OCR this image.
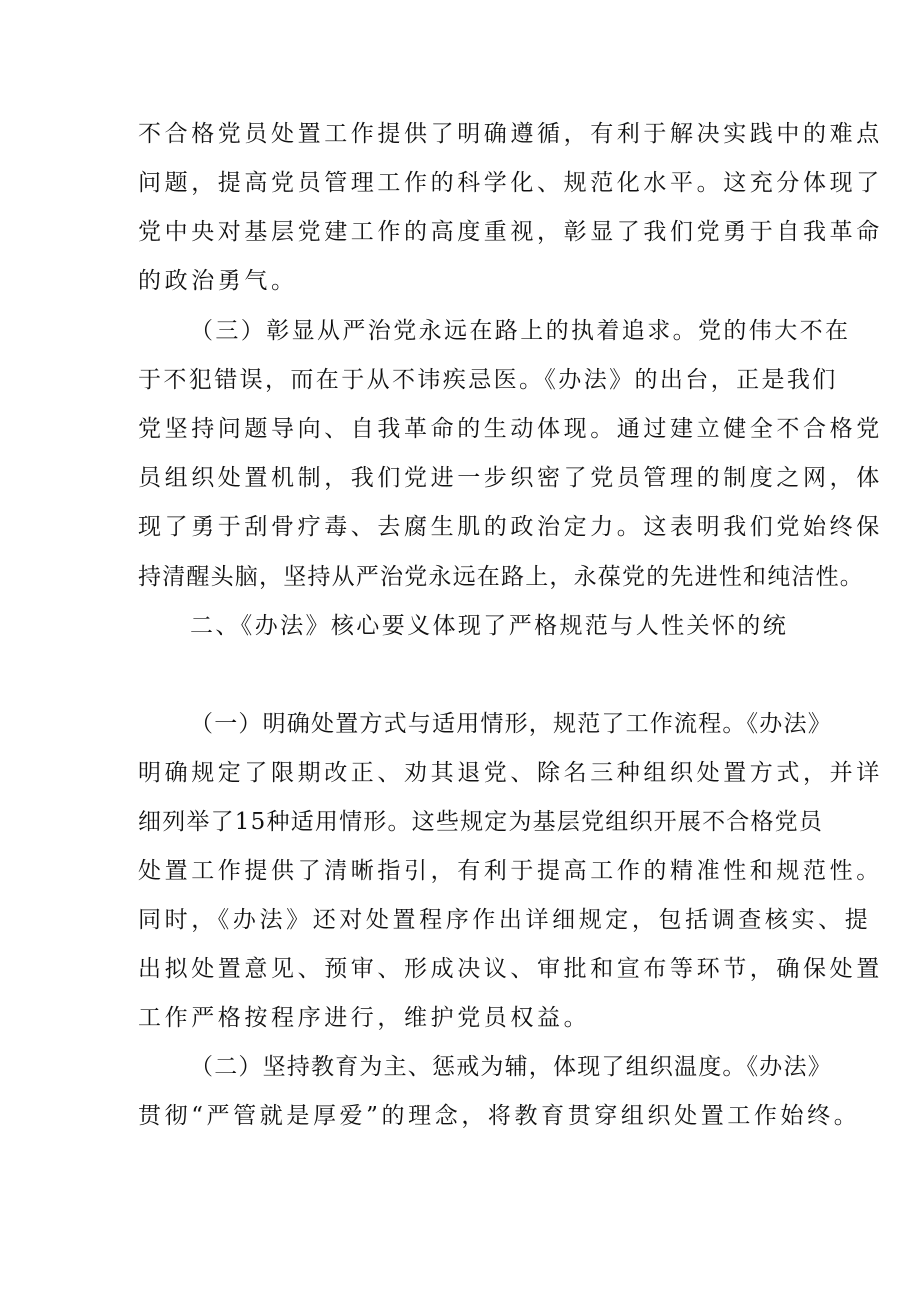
不合格党员处置工作提供了明确遵循，有利于解决实践中的难点
问题，提高党员管理工作的科学化、规范化水平。这充分体现了
党中央对基层党建工作的高度重视，彰显了我们党勇于自我革命
的政治勇气。
（三）彰显从严治党永远在路上的执着追求。党的伟大不在
于不犯错误，而在于从不讳疾忌医。《办法》的出台，正是我们
党坚持问题导向、自我革命的生动体现。通过建立健全不合格党
员组织处置机制，我们党进一步织密了党员管理的制度之网，体
现了勇于刮骨疗毒、去腐生肌的政治定力。这表明我们党始终保
持清醒头脑，坚持从严治党永远在路上，永葆党的先进性和纯洁性。
二、《办法》核心要义体现了严格规范与人性关怀的统
（一）明确处置方式与适用情形，规范了工作流程。《办法》
明确规定了限期改正、劝其退党、除名三种组织处置方式，并详
细列举了15种适用情形。这些规定为基层党组织开展不合格党员
处置工作提供了清晰指引，有利于提高工作的精准性和规范性。
同时，《办法》还对处置程序作出详细规定，包括调查核实、提
出拟处置意见、预审、形成决议、审批和宣布等环节，确保处置
工作严格按程序进行，维护党员权益。
（二）坚持教育为主、惩戒为辅，体现了组织温度。《办法》
贯彻“严管就是厚爱”的理念，将教育贯穿组织处置工作始终。
